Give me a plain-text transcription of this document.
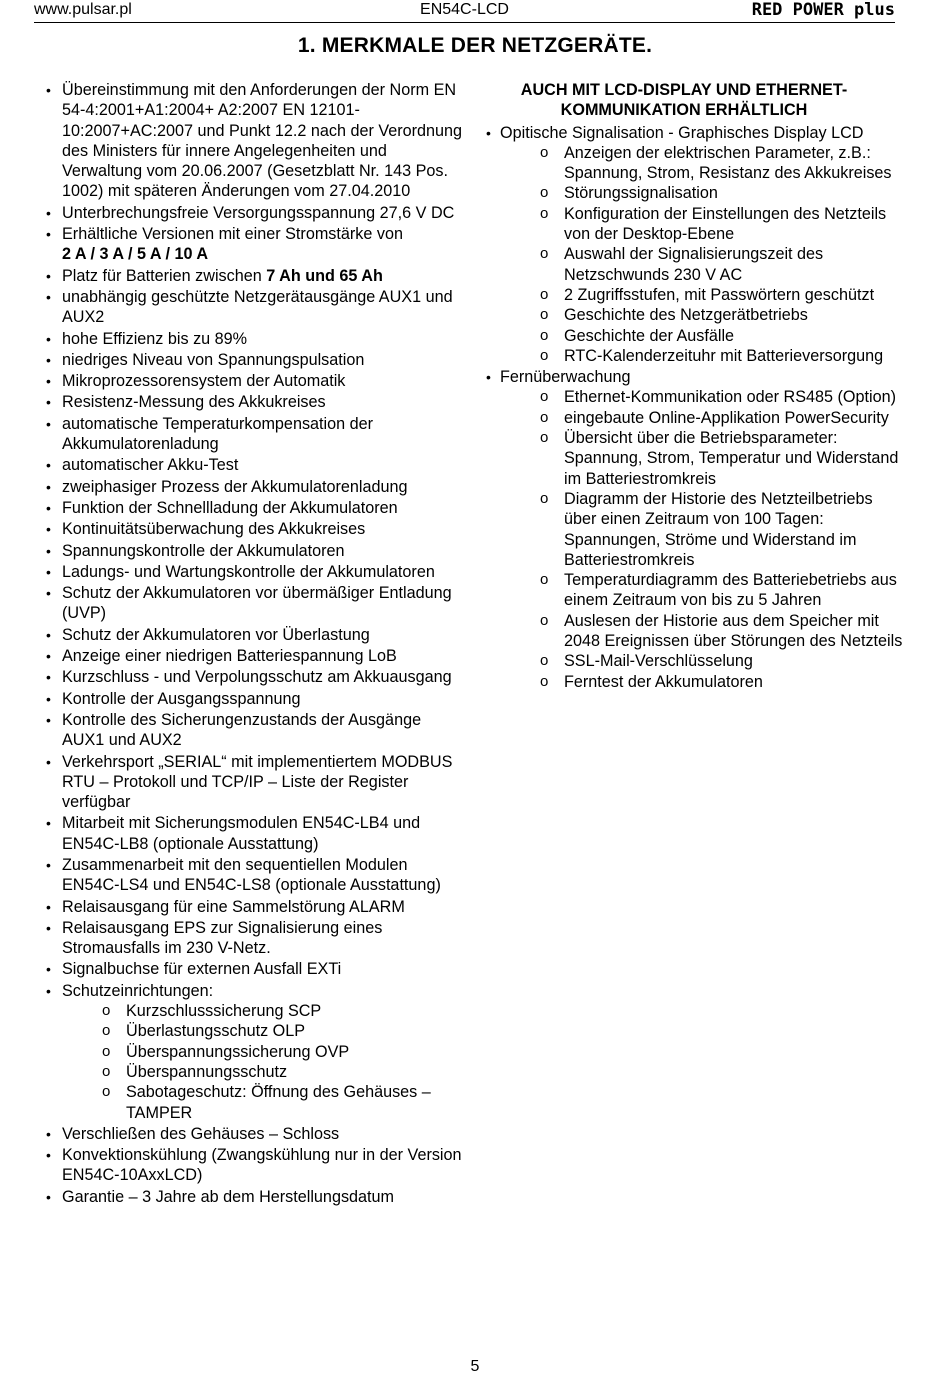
www.pulsar.pl	EN54C-LCD	RED POWER plus
1. MERKMALE DER NETZGERÄTE.
• Übereinstimmung mit den Anforderungen der Norm EN 54-4:2001+A1:2004+ A2:2007 EN 12101-10:2007+AC:2007 und Punkt 12.2 nach der Verordnung des Ministers für innere Angelegenheiten und Verwaltung vom 20.06.2007 (Gesetzblatt Nr. 143 Pos. 1002) mit späteren Änderungen vom 27.04.2010
• Unterbrechungsfreie Versorgungsspannung 27,6 V DC
• Erhältliche Versionen mit einer Stromstärke von
2 A / 3 A / 5 A / 10 A
• Platz für Batterien zwischen 7 Ah und 65 Ah
• unabhängig geschützte Netzgerätausgänge AUX1 und AUX2
• hohe Effizienz bis zu 89%
• niedriges Niveau von Spannungspulsation
• Mikroprozessorensystem der Automatik
• Resistenz-Messung des Akkukreises
• automatische Temperaturkompensation der Akkumulatorenladung
• automatischer Akku-Test
• zweiphasiger Prozess der Akkumulatorenladung
• Funktion der Schnellladung der Akkumulatoren
• Kontinuitätsüberwachung des Akkukreises
• Spannungskontrolle der Akkumulatoren
• Ladungs- und Wartungskontrolle der Akkumulatoren
• Schutz der Akkumulatoren vor übermäßiger Entladung (UVP)
• Schutz der Akkumulatoren vor Überlastung
• Anzeige einer niedrigen Batteriespannung LoB
• Kurzschluss - und Verpolungsschutz am Akkuausgang
• Kontrolle der Ausgangsspannung
• Kontrolle des Sicherungenzustands der Ausgänge AUX1 und AUX2
• Verkehrsport „SERIAL“ mit implementiertem MODBUS RTU – Protokoll und TCP/IP – Liste der Register verfügbar
• Mitarbeit mit Sicherungsmodulen EN54C-LB4 und EN54C-LB8 (optionale Ausstattung)
• Zusammenarbeit mit den sequentiellen Modulen EN54C-LS4 und EN54C-LS8 (optionale Ausstattung)
• Relaisausgang für eine Sammelstörung ALARM
• Relaisausgang EPS zur Signalisierung eines Stromausfalls im 230 V-Netz.
• Signalbuchse für externen Ausfall EXTi
• Schutzeinrichtungen:
o Kurzschlusssicherung SCP
o Überlastungsschutz OLP
o Überspannungssicherung OVP
o Überspannungsschutz
o Sabotageschutz: Öffnung des Gehäuses – TAMPER
• Verschließen des Gehäuses – Schloss
• Konvektionskühlung (Zwangskühlung nur in der Version EN54C-10AxxLCD)
• Garantie – 3 Jahre ab dem Herstellungsdatum
AUCH MIT LCD-DISPLAY UND ETHERNET-KOMMUNIKATION ERHÄLTLICH
• Opitische Signalisation - Graphisches Display LCD
o Anzeigen der elektrischen Parameter, z.B.: Spannung, Strom, Resistanz des Akkukreises
o Störungssignalisation
o Konfiguration der Einstellungen des Netzteils von der Desktop-Ebene
o Auswahl der Signalisierungszeit des Netzschwunds 230 V AC
o 2 Zugriffsstufen, mit Passwörtern geschützt
o Geschichte des Netzgerätbetriebs
o Geschichte der Ausfälle
o RTC-Kalenderzeituhr mit Batterieversorgung
• Fernüberwachung
o Ethernet-Kommunikation oder RS485 (Option)
o eingebaute Online-Applikation PowerSecurity
o Übersicht über die Betriebsparameter: Spannung, Strom, Temperatur und Widerstand im Batteriestromkreis
o Diagramm der Historie des Netzteilbetriebs über einen Zeitraum von 100 Tagen: Spannungen, Ströme und Widerstand im Batteriestromkreis
o Temperaturdiagramm des Batteriebetriebs aus einem Zeitraum von bis zu 5 Jahren
o Auslesen der Historie aus dem Speicher mit 2048 Ereignissen über Störungen des Netzteils
o SSL-Mail-Verschlüsselung
o Ferntest der Akkumulatoren
5
